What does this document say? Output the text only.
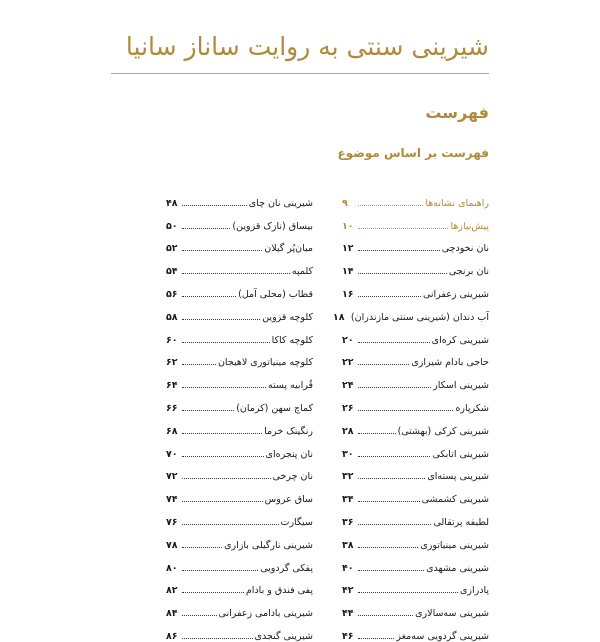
شیرینی سنتی به روایت ساناز سانیا
فهرست
فهرست بر اساس موضوع
راهنمای نشانه‌ها
۹
پیش‌نیازها
۱۰
نان نخودچی
۱۲
نان برنجی
۱۴
شیرینی زعفرانی
۱۶
آب دندان (شیرینی سنتی مازندران)
۱۸
شیرینی کره‌ای
۲۰
حاجی بادام شیرازی
۲۲
شیرینی اسکار
۲۴
شکرپاره
۲۶
شیرینی کرکی (بهشتی)
۲۸
شیرینی اتابکی
۳۰
شیرینی پسته‌ای
۳۲
شیرینی کشمشی
۳۴
لطیفه پرتقالی
۳۶
شیرینی مینیاتوری
۳۸
شیرینی مشهدی
۴۰
پادرازی
۴۲
شیرینی سه‌سالاری
۴۴
شیرینی گردویی سه‌مغز
۴۶
شیرینی نان چای
۴۸
بیساق (نازک قزوین)
۵۰
میان‌پُر گیلان
۵۲
کلمپه
۵۴
قطاب (محلی آمل)
۵۶
کلوچه قزوین
۵۸
کلوچه کاکا
۶۰
کلوچه مینیاتوری لاهیجان
۶۲
قُرابیه پسته
۶۴
کماچ سهن (کرمان)
۶۶
رنگینک خرما
۶۸
نان پنجره‌ای
۷۰
نان چرخی
۷۲
ساق عروس
۷۴
سیگارت
۷۶
شیرینی نارگیلی بازاری
۷۸
پفکی گردویی
۸۰
پفی فندق و بادام
۸۲
شیرینی بادامی زعفرانی
۸۴
شیرینی گنجدی
۸۶
